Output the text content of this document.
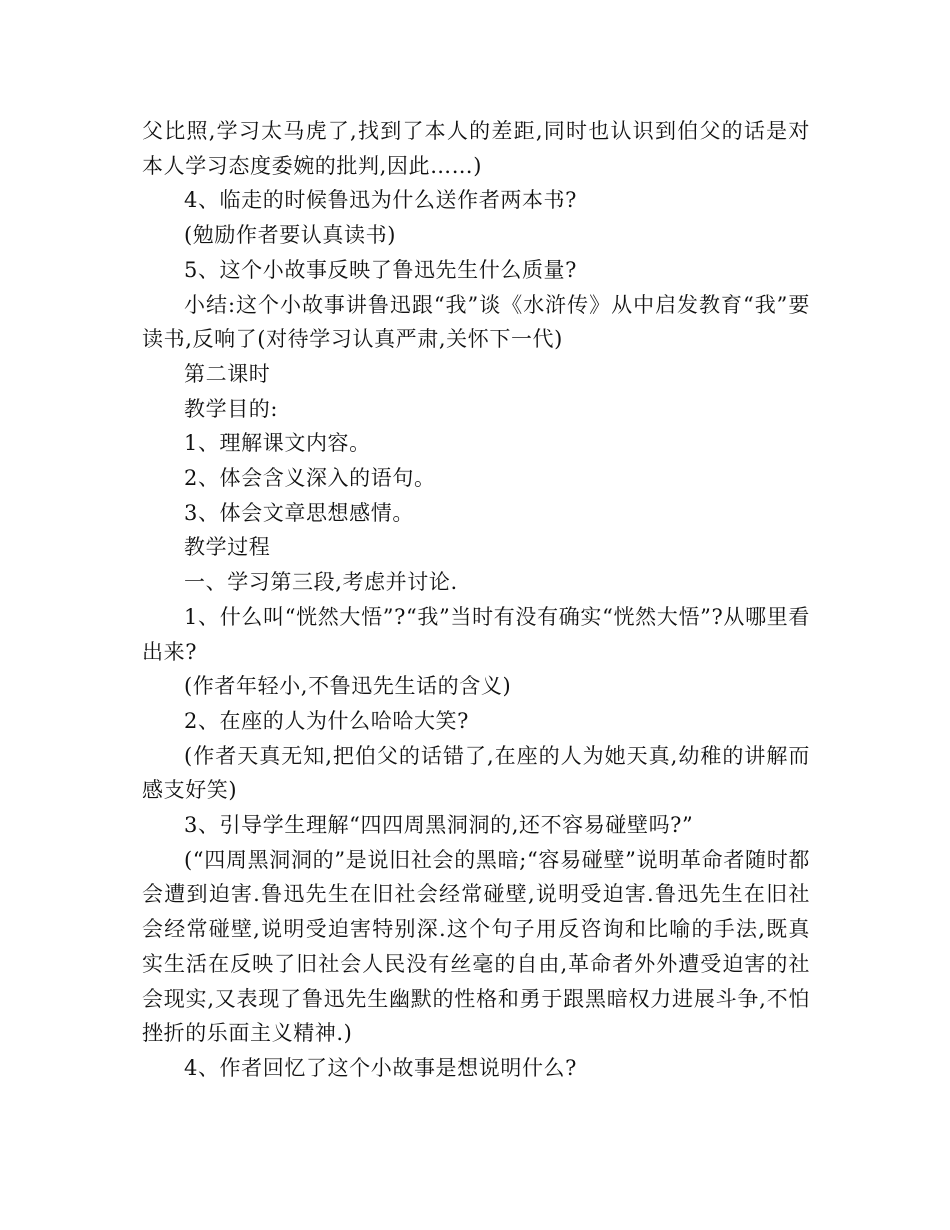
父比照,学习太马虎了,找到了本人的差距,同时也认识到伯父的话是对本人学习态度委婉的批判,因此……)

4、临走的时候鲁迅为什么送作者两本书?

(勉励作者要认真读书)

5、这个小故事反映了鲁迅先生什么质量?

小结:这个小故事讲鲁迅跟“我”谈《水浒传》从中启发教育“我”要读书,反响了(对待学习认真严肃,关怀下一代)

第二课时

教学目的:

1、理解课文内容。

2、体会含义深入的语句。

3、体会文章思想感情。

教学过程

一、学习第三段,考虑并讨论.

1、什么叫“恍然大悟”?“我”当时有没有确实“恍然大悟”?从哪里看出来?

(作者年轻小,不鲁迅先生话的含义)

2、在座的人为什么哈哈大笑?

(作者天真无知,把伯父的话错了,在座的人为她天真,幼稚的讲解而感支好笑)

3、引导学生理解“四四周黑洞洞的,还不容易碰壁吗?”

(“四周黑洞洞的”是说旧社会的黑暗;“容易碰壁”说明革命者随时都会遭到迫害.鲁迅先生在旧社会经常碰壁,说明受迫害.鲁迅先生在旧社会经常碰壁,说明受迫害特别深.这个句子用反咨询和比喻的手法,既真实生活在反映了旧社会人民没有丝毫的自由,革命者外外遭受迫害的社会现实,又表现了鲁迅先生幽默的性格和勇于跟黑暗权力进展斗争,不怕挫折的乐面主义精神.)

4、作者回忆了这个小故事是想说明什么?
